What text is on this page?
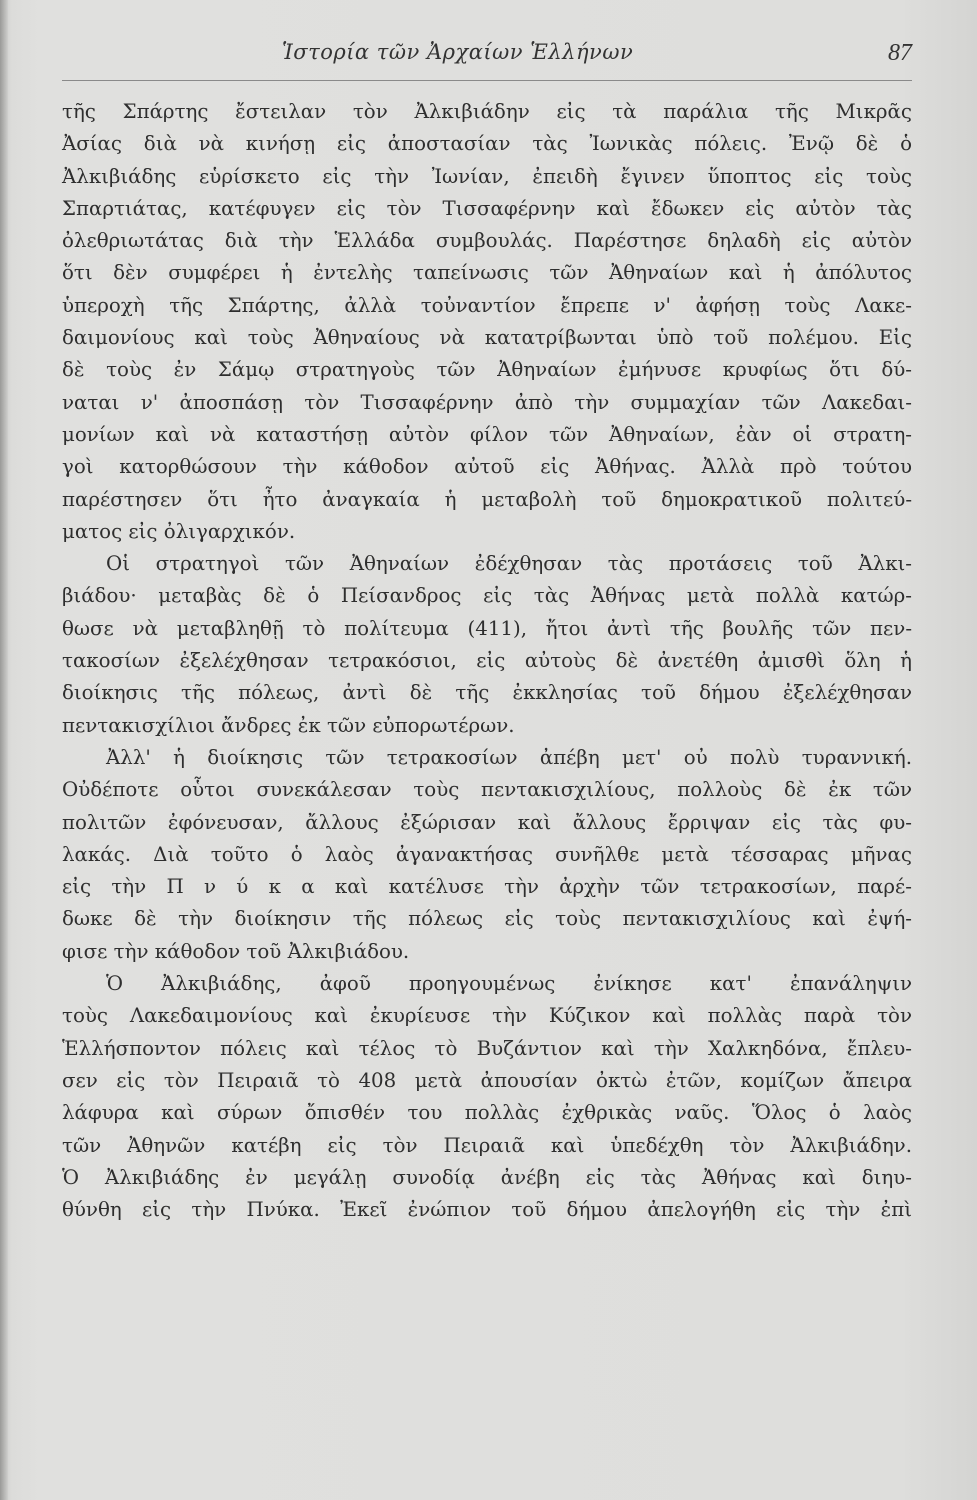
Ἱστορία τῶν Ἀρχαίων Ἑλλήνων	87
τῆς Σπάρτης ἔστειλαν τὸν Ἀλκιβιάδην εἰς τὰ παράλια τῆς Μικρᾶς
Ἀσίας διὰ νὰ κινήσῃ εἰς ἀποστασίαν τὰς Ἰωνικὰς πόλεις. Ἐνῷ δὲ ὁ
Ἀλκιβιάδης εὑρίσκετο εἰς τὴν Ἰωνίαν, ἐπειδὴ ἔγινεν ὕποπτος εἰς τοὺς
Σπαρτιάτας, κατέφυγεν εἰς τὸν Τισσαφέρνην καὶ ἔδωκεν εἰς αὐτὸν τὰς
ὀλεθριωτάτας διὰ τὴν Ἑλλάδα συμβουλάς. Παρέστησε δηλαδὴ εἰς αὐτὸν
ὅτι δὲν συμφέρει ἡ ἐντελὴς ταπείνωσις τῶν Ἀθηναίων καὶ ἡ ἀπόλυτος
ὑπεροχὴ τῆς Σπάρτης, ἀλλὰ τοὐναντίον ἔπρεπε ν' ἀφήσῃ τοὺς Λακε-
δαιμονίους καὶ τοὺς Ἀθηναίους νὰ κατατρίβωνται ὑπὸ τοῦ πολέμου. Εἰς
δὲ τοὺς ἐν Σάμῳ στρατηγοὺς τῶν Ἀθηναίων ἐμήνυσε κρυφίως ὅτι δύ-
ναται ν' ἀποσπάσῃ τὸν Τισσαφέρνην ἀπὸ τὴν συμμαχίαν τῶν Λακεδαι-
μονίων καὶ νὰ καταστήσῃ αὐτὸν φίλον τῶν Ἀθηναίων, ἐὰν οἱ στρατη-
γοὶ κατορθώσουν τὴν κάθοδον αὐτοῦ εἰς Ἀθήνας. Ἀλλὰ πρὸ τούτου
παρέστησεν ὅτι ἦτο ἀναγκαία ἡ μεταβολὴ τοῦ δημοκρατικοῦ πολιτεύ-
ματος εἰς ὀλιγαρχικόν.
Οἱ στρατηγοὶ τῶν Ἀθηναίων ἐδέχθησαν τὰς προτάσεις τοῦ Ἀλκι-
βιάδου· μεταβὰς δὲ ὁ Πείσανδρος εἰς τὰς Ἀθήνας μετὰ πολλὰ κατώρ-
θωσε νὰ μεταβληθῇ τὸ πολίτευμα (411), ἤτοι ἀντὶ τῆς βουλῆς τῶν πεν-
τακοσίων ἐξελέχθησαν τετρακόσιοι, εἰς αὐτοὺς δὲ ἀνετέθη ἀμισθὶ ὅλη ἡ
διοίκησις τῆς πόλεως, ἀντὶ δὲ τῆς ἐκκλησίας τοῦ δήμου ἐξελέχθησαν
πεντακισχίλιοι ἄνδρες ἐκ τῶν εὐπορωτέρων.
Ἀλλ' ἡ διοίκησις τῶν τετρακοσίων ἀπέβη μετ' οὐ πολὺ τυραννική.
Οὐδέποτε οὗτοι συνεκάλεσαν τοὺς πεντακισχιλίους, πολλοὺς δὲ ἐκ τῶν
πολιτῶν ἐφόνευσαν, ἄλλους ἐξώρισαν καὶ ἄλλους ἔρριψαν εἰς τὰς φυ-
λακάς. Διὰ τοῦτο ὁ λαὸς ἀγανακτήσας συνῆλθε μετὰ τέσσαρας μῆνας
εἰς τὴν Π ν ύ κ α καὶ κατέλυσε τὴν ἀρχὴν τῶν τετρακοσίων, παρέ-
δωκε δὲ τὴν διοίκησιν τῆς πόλεως εἰς τοὺς πεντακισχιλίους καὶ ἐψή-
φισε τὴν κάθοδον τοῦ Ἀλκιβιάδου.
Ὁ Ἀλκιβιάδης, ἀφοῦ προηγουμένως ἐνίκησε κατ' ἐπανάληψιν
τοὺς Λακεδαιμονίους καὶ ἐκυρίευσε τὴν Κύζικον καὶ πολλὰς παρὰ τὸν
Ἑλλήσποντον πόλεις καὶ τέλος τὸ Βυζάντιον καὶ τὴν Χαλκηδόνα, ἔπλευ-
σεν εἰς τὸν Πειραιᾶ τὸ 408 μετὰ ἀπουσίαν ὀκτὼ ἐτῶν, κομίζων ἄπειρα
λάφυρα καὶ σύρων ὄπισθέν του πολλὰς ἐχθρικὰς ναῦς. Ὅλος ὁ λαὸς
τῶν Ἀθηνῶν κατέβη εἰς τὸν Πειραιᾶ καὶ ὑπεδέχθη τὸν Ἀλκιβιάδην.
Ὁ Ἀλκιβιάδης ἐν μεγάλῃ συνοδίᾳ ἀνέβη εἰς τὰς Ἀθήνας καὶ διηυ-
θύνθη εἰς τὴν Πνύκα. Ἐκεῖ ἐνώπιον τοῦ δήμου ἀπελογήθη εἰς τὴν ἐπὶ
